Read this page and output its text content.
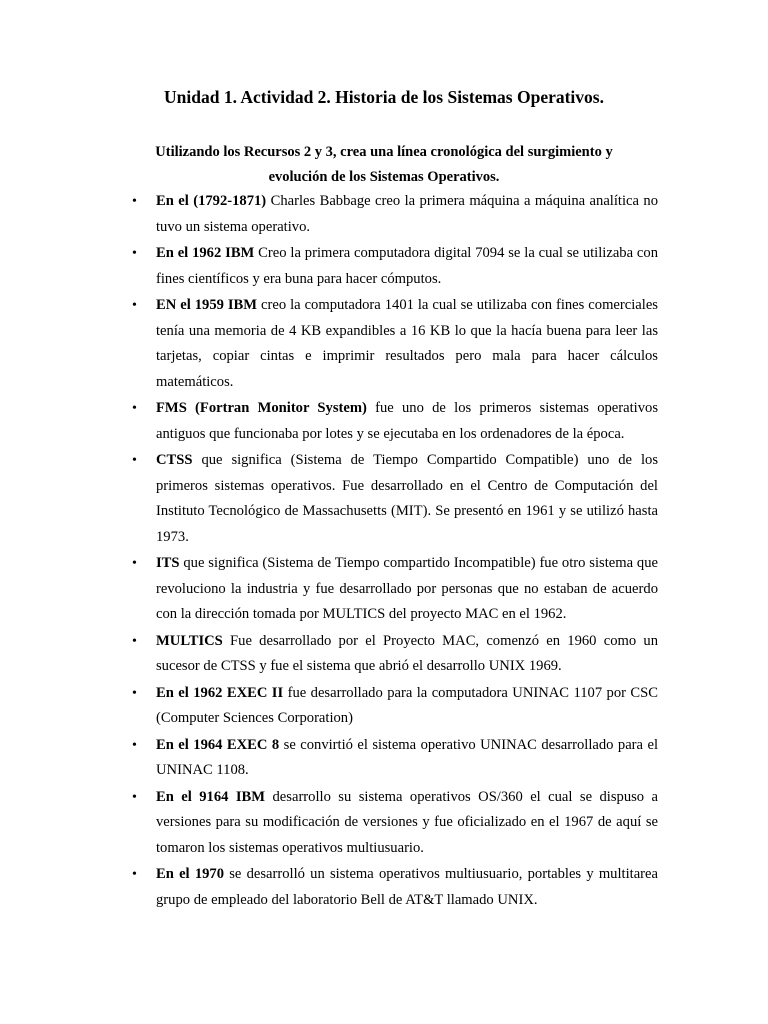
Unidad 1. Actividad 2. Historia de los Sistemas Operativos.
Utilizando los Recursos 2 y 3, crea una línea cronológica del surgimiento y evolución de los Sistemas Operativos.
• En el (1792-1871) Charles Babbage creo la primera máquina a máquina analítica no tuvo un sistema operativo.
• En el 1962 IBM Creo la primera computadora digital 7094 se la cual se utilizaba con fines científicos y era buna para hacer cómputos.
• EN el 1959 IBM creo la computadora 1401 la cual se utilizaba con fines comerciales tenía una memoria de 4 KB expandibles a 16 KB lo que la hacía buena para leer las tarjetas, copiar cintas e imprimir resultados pero mala para hacer cálculos matemáticos.
• FMS (Fortran Monitor System) fue uno de los primeros sistemas operativos antiguos que funcionaba por lotes y se ejecutaba en los ordenadores de la época.
• CTSS que significa (Sistema de Tiempo Compartido Compatible) uno de los primeros sistemas operativos. Fue desarrollado en el Centro de Computación del Instituto Tecnológico de Massachusetts (MIT). Se presentó en 1961 y se utilizó hasta 1973.
• ITS que significa (Sistema de Tiempo compartido Incompatible) fue otro sistema que revoluciono la industria y fue desarrollado por personas que no estaban de acuerdo con la dirección tomada por MULTICS del proyecto MAC en el 1962.
• MULTICS Fue desarrollado por el Proyecto MAC, comenzó en 1960 como un sucesor de CTSS y fue el sistema que abrió el desarrollo UNIX 1969.
• En el 1962 EXEC II fue desarrollado para la computadora UNINAC 1107 por CSC (Computer Sciences Corporation)
• En el 1964 EXEC 8 se convirtió el sistema operativo UNINAC desarrollado para el UNINAC 1108.
• En el 9164 IBM desarrollo su sistema operativos OS/360 el cual se dispuso a versiones para su modificación de versiones y fue oficializado en el 1967 de aquí se tomaron los sistemas operativos multiusuario.
• En el 1970 se desarrolló un sistema operativos multiusuario, portables y multitarea grupo de empleado del laboratorio Bell de AT&T llamado UNIX.
